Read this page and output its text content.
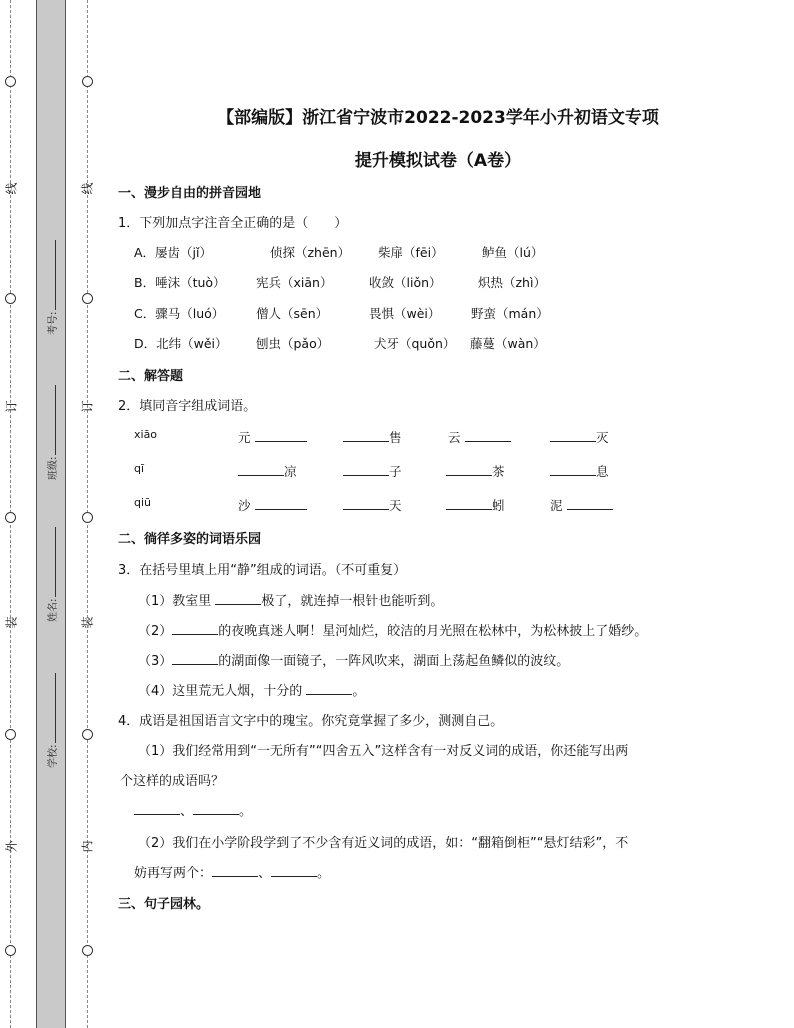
线
订
装
外
线
订
装
内
考号:
班级:
姓名:
学校:
【部编版】浙江省宁波市2022-2023学年小升初语文专项
提升模拟试卷（A卷）
一、漫步自由的拼音园地
1．下列加点字注音全正确的是（　　）
A．屡齿（jǐ）	侦探（zhēn） 柴扉（fēi）	鲈鱼（lú）
B．唾沫（tuò） 宪兵（xiān）	收敛（liǒn）	炽热（zhì）
C．骤马（luó）	僧人（sēn）	畏惧（wèi） 野蛮（mán）
D．北纬（wěi） 刨虫（pǎo）	犬牙（quǒn） 藤蔓（wàn）
二、解答题
2．填同音字组成词语。
xiāo	元	售	云	灭
qī	凉	子	茶	息
qiū	沙	天	蚓	泥
二、徜徉多姿的词语乐园
3．在括号里填上用“静”组成的词语。（不可重复）
（1）教室里	极了，就连掉一根针也能听到。
（2）	的夜晚真迷人啊！星河灿烂，皎洁的月光照在松林中，为松林披上了婚纱。
（3）	的湖面像一面镜子，一阵风吹来，湖面上荡起鱼鳞似的波纹。
（4）这里荒无人烟，十分的	。
4．成语是祖国语言文字中的瑰宝。你究竟掌握了多少，测测自己。
（1）我们经常用到“一无所有”“四舍五入”这样含有一对反义词的成语，你还能写出两
个这样的成语吗？
、	。
（2）我们在小学阶段学到了不少含有近义词的成语，如：“翻箱倒柜”“悬灯结彩”，不
妨再写两个：	、	。
三、句子园林。
